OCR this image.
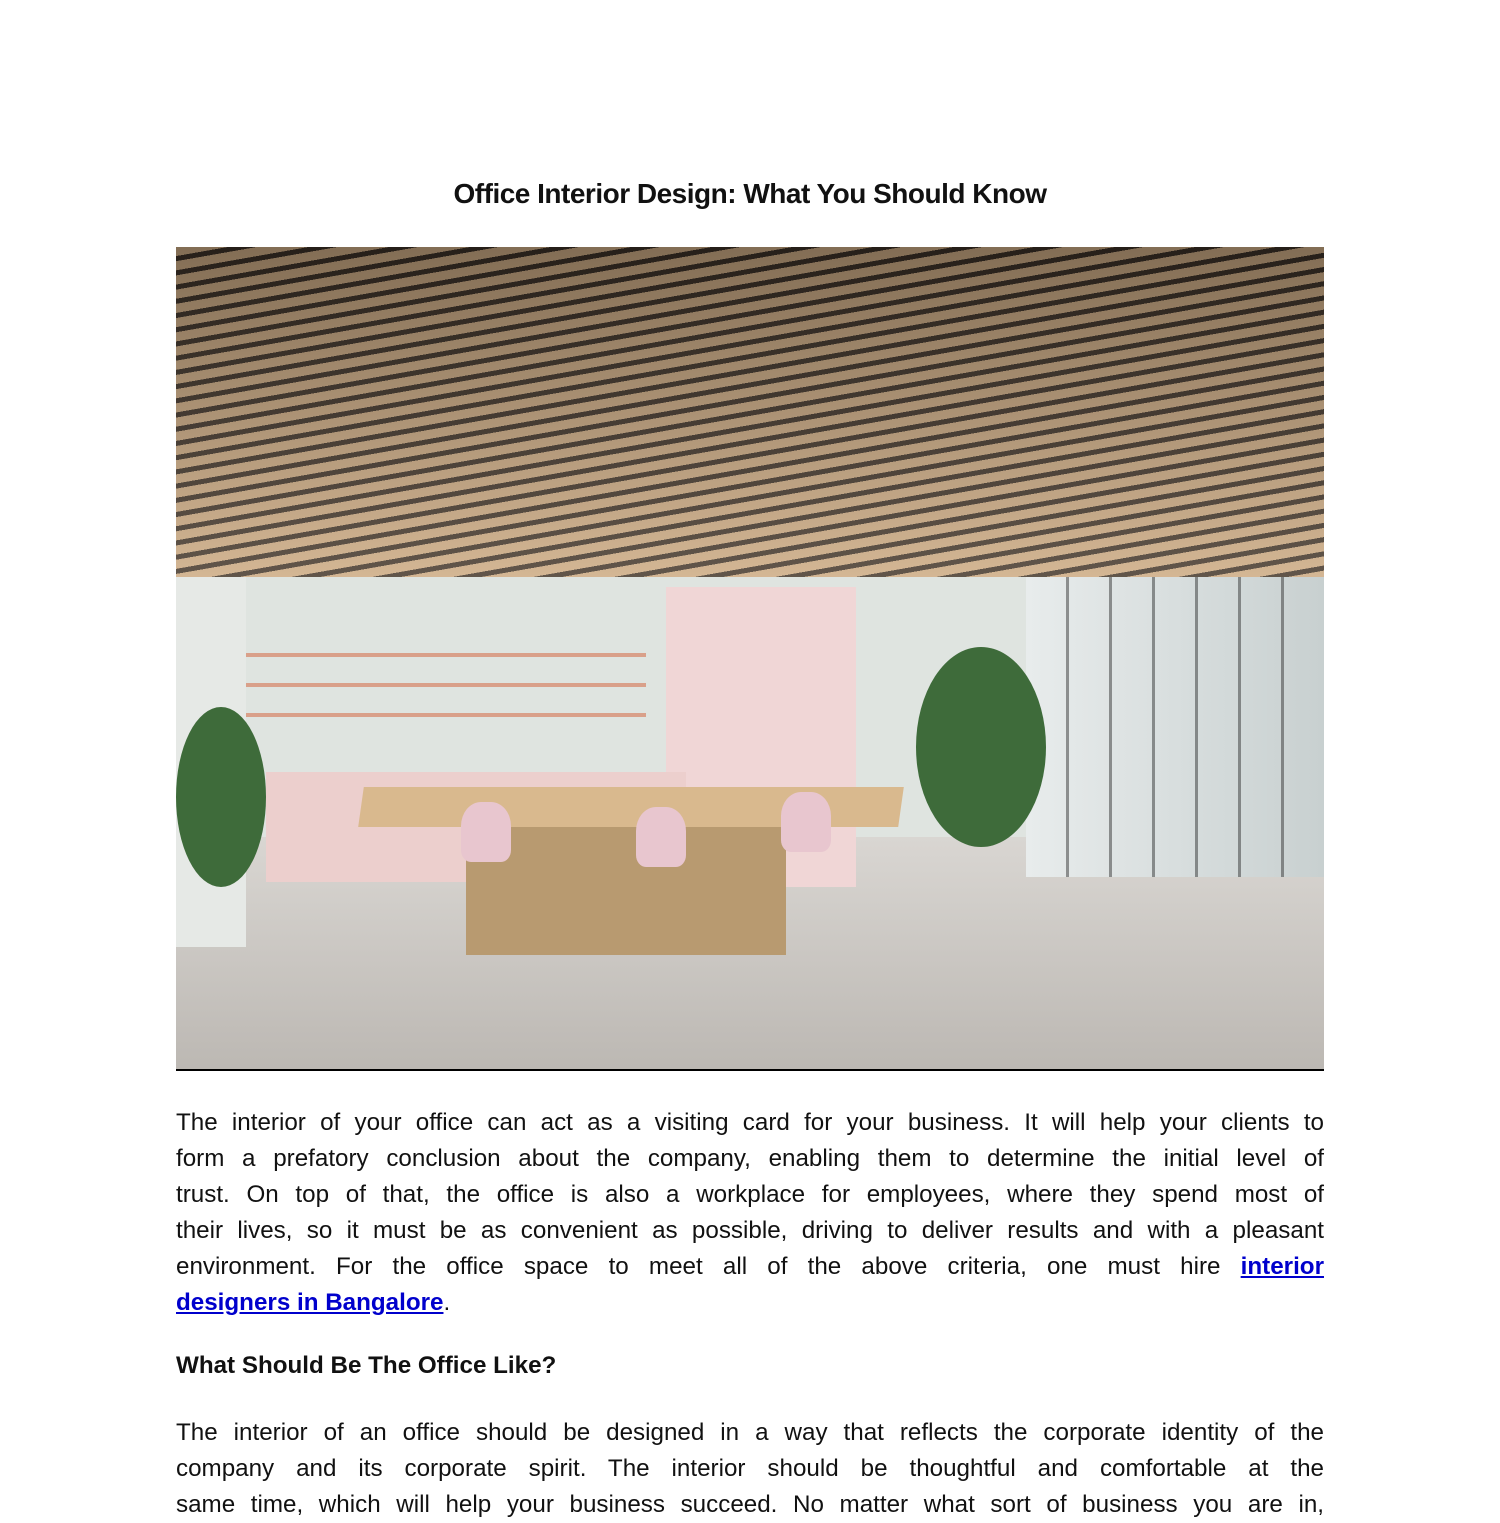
Office Interior Design: What You Should Know
The interior of your office can act as a visiting card for your business. It will help your clients to
form a prefatory conclusion about the company, enabling them to determine the initial level of
trust. On top of that, the office is also a workplace for employees, where they spend most of
their lives, so it must be as convenient as possible, driving to deliver results and with a pleasant
environment. For the office space to meet all of the above criteria, one must hire interior
designers in Bangalore.
What Should Be The Office Like?
The interior of an office should be designed in a way that reflects the corporate identity of the
company and its corporate spirit. The interior should be thoughtful and comfortable at the
same time, which will help your business succeed. No matter what sort of business you are in,
